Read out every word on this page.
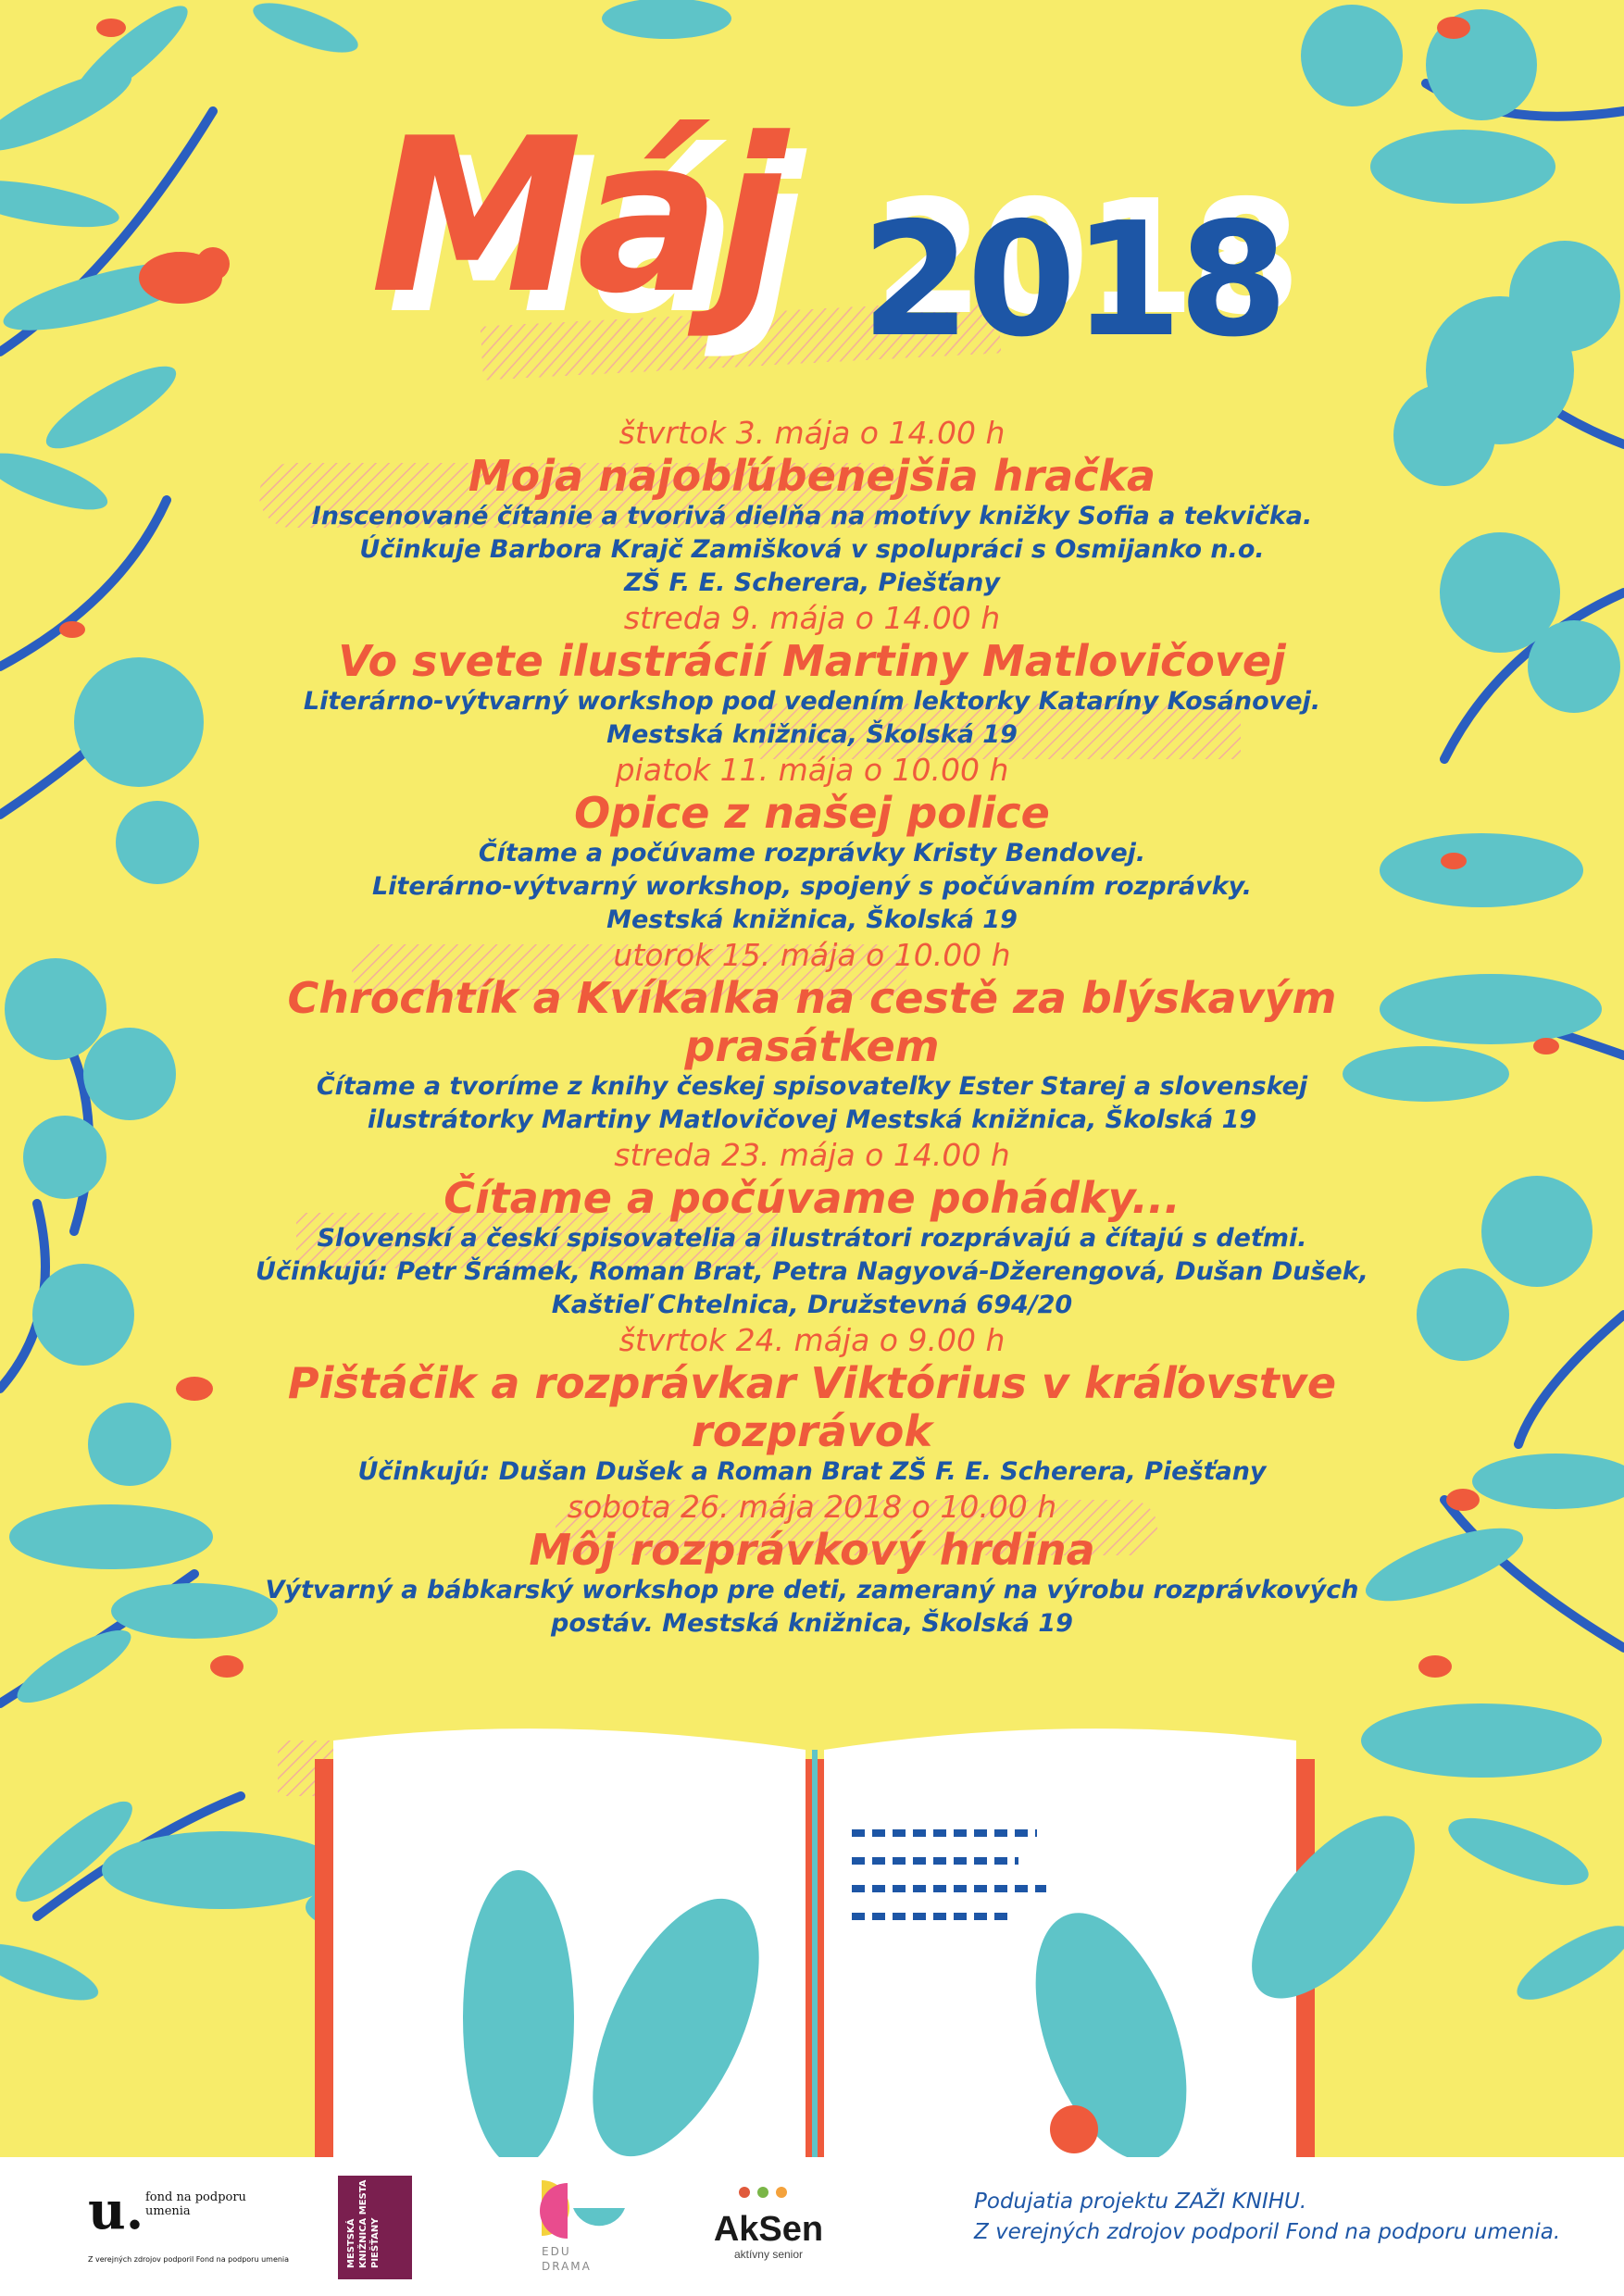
Máj 2018
štvrtok 3. mája o 14.00 h
Moja najobľúbenejšia hračka
Inscenované čítanie a tvorivá dielňa na motívy knižky Sofia a tekvička.
Účinkuje Barbora Krajč Zamišková v spolupráci s Osmijanko n.o.
ZŠ F. E. Scherera, Piešťany
streda 9. mája o 14.00 h
Vo svete ilustrácií Martiny Matlovičovej
Literárno-výtvarný workshop pod vedením lektorky Kataríny Kosánovej.
Mestská knižnica, Školská 19
piatok 11. mája o 10.00 h
Opice z našej police
Čítame a počúvame rozprávky Kristy Bendovej.
Literárno-výtvarný workshop, spojený s počúvaním rozprávky.
Mestská knižnica, Školská 19
utorok 15. mája o 10.00 h
Chrochtík a Kvíkalka na cestě za blýskavým prasátkem
Čítame a tvoríme z knihy českej spisovateľky Ester Starej a slovenskej
ilustrátorky Martiny Matlovičovej Mestská knižnica, Školská 19
streda 23. mája o 14.00 h
Čítame a počúvame pohádky...
Slovenskí a českí spisovatelia a ilustrátori rozprávajú a čítajú s deťmi.
Účinkujú: Petr Šrámek, Roman Brat, Petra Nagyová-Džerengová, Dušan Dušek,
Kaštieľ Chtelnica, Družstevná 694/20
štvrtok 24. mája o 9.00 h
Pištáčik a rozprávkar Viktórius v kráľovstve rozprávok
Účinkujú: Dušan Dušek a Roman Brat ZŠ F. E. Scherera, Piešťany
sobota 26. mája 2018 o 10.00 h
Môj rozprávkový hrdina
Výtvarný a bábkarský workshop pre deti, zameraný na výrobu rozprávkových
postáv. Mestská knižnica, Školská 19
u. fond na podporu umenia
Z verejných zdrojov podporil Fond na podporu umenia	MESTSKÁ KNIŽNICA MESTA PIEŠŤANY	EDU DRAMA
AkSen
aktívny senior
Podujatia projektu ZAŽI KNIHU.
Z verejných zdrojov podporil Fond na podporu umenia.
